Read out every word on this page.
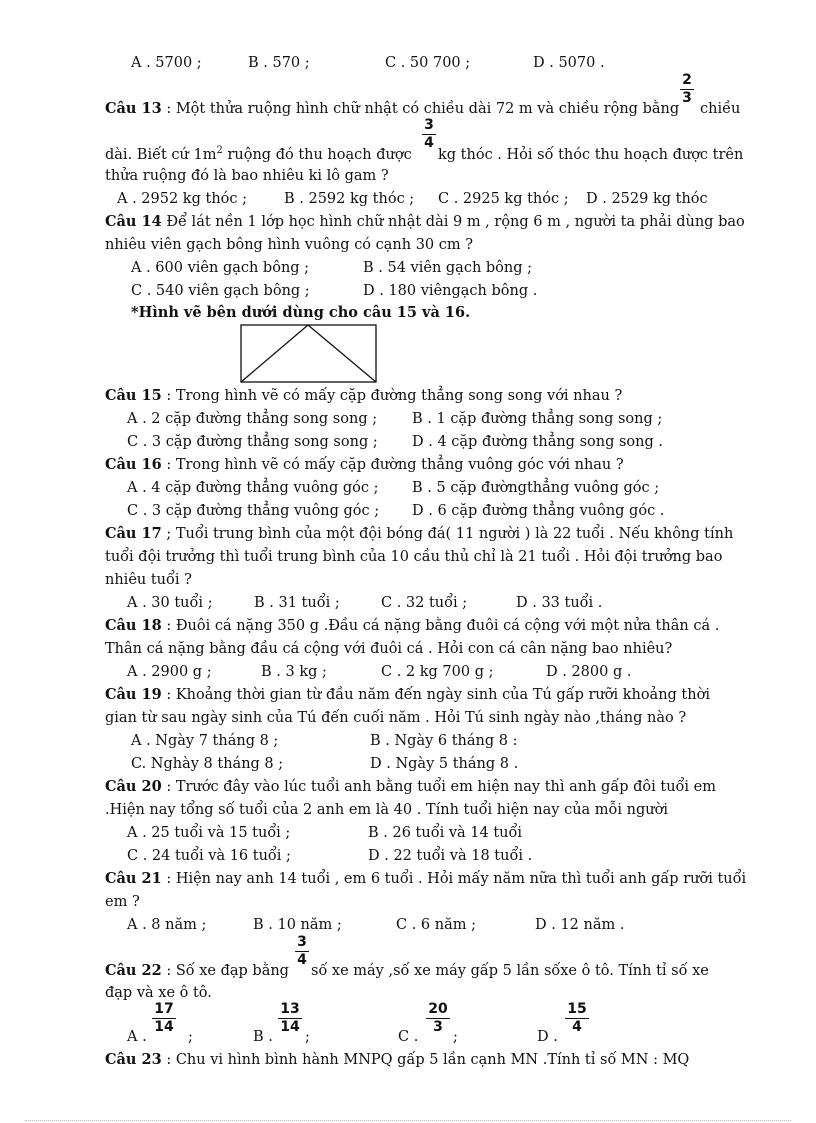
A . 5700 ;	B . 570 ;	C . 50 700 ;	D . 5070 .
Câu 13 : Một thửa ruộng hình chữ nhật có chiều dài 72 m và chiều rộng bằng
$\frac{2}{3}$
chiều
dài. Biết cứ $1m^2$ ruộng đó thu hoạch được
$\frac{3}{4}$
kg thóc . Hỏi số thóc thu hoạch được trên
thửa ruộng đó là bao nhiêu ki lô gam ?
A . 2952 kg thóc ;	B . 2592 kg thóc ; C . 2925 kg thóc ; D . 2529 kg thóc
Câu 14 Để lát nền 1 lớp học hình chữ nhật dài 9 m , rộng 6 m , người ta phải dùng bao
nhiêu viên gạch bông hình vuông có cạnh 30 cm ?
A . 600 viên gạch bông ;	B . 54 viên gạch bông ;
C . 540 viên gạch bông ;	D . 180 viêngạch bông .
*Hình vẽ bên dưới dùng cho câu 15 và 16.
Câu 15 : Trong hình vẽ có mấy cặp đường thẳng song song với nhau ?
A . 2 cặp đường thẳng song song ; B . 1 cặp đường thẳng song song ;
C . 3 cặp đường thẳng song song ; D . 4 cặp đường thẳng song song .
Câu 16 : Trong hình vẽ có mấy cặp đường thẳng vuông góc với nhau ?
A . 4 cặp đường thẳng vuông góc ; B . 5 cặp đườngthẳng vuông góc ;
C . 3 cặp đường thẳng vuông góc ; D . 6 cặp đường thẳng vuông góc .
Câu 17 ; Tuổi trung bình của một đội bóng đá( 11 người ) là 22 tuổi . Nếu không tính
tuổi đội trưởng thì tuổi trung bình của 10 cầu thủ chỉ là 21 tuổi . Hỏi đội trưởng bao
nhiêu tuổi ?
A . 30 tuổi ;	B . 31 tuổi ;	C . 32 tuổi ;	D . 33 tuổi .
Câu 18 : Đuôi cá nặng 350 g .Đầu cá nặng bằng đuôi cá cộng với một nửa thân cá .
Thân cá nặng bằng đầu cá cộng với đuôi cá . Hỏi con cá cân nặng bao nhiêu?
A . 2900 g ;	B . 3 kg ;	C . 2 kg 700 g ;	D . 2800 g .
Câu 19 : Khoảng thời gian từ đầu năm đến ngày sinh của Tú gấp rưỡi khoảng thời
gian từ sau ngày sinh của Tú đến cuối năm . Hỏi Tú sinh ngày nào ,tháng nào ?
A . Ngày 7 tháng 8 ;	B . Ngày 6 tháng 8 :
C. Nghày 8 tháng 8 ;	D . Ngày 5 tháng 8 .
Câu 20 : Trước đây vào lúc tuổi anh bằng tuổi em hiện nay thì anh gấp đôi tuổi em
.Hiện nay tổng số tuổi của 2 anh em là 40 . Tính tuổi hiện nay của mỗi người
A . 25 tuổi và 15 tuổi ;	B . 26 tuổi và 14 tuổi
C . 24 tuổi và 16 tuổi ;	D . 22 tuổi và 18 tuổi .
Câu 21 : Hiện nay anh 14 tuổi , em 6 tuổi . Hỏi mấy năm nữa thì tuổi anh gấp rưỡi tuổi
em ?
A . 8 năm ;	B . 10 năm ;	C . 6 năm ;	D . 12 năm .
Câu 22 : Số xe đạp bằng
$\frac{3}{4}$
số xe máy ,số xe máy gấp 5 lần sốxe ô tô. Tính tỉ số xe
đạp và xe ô tô.
A .
$\frac{17}{14}$
;	B .
$\frac{13}{14}$
;	C .
$\frac{20}{3}$
;	D .
$\frac{15}{4}$
Câu 23 : Chu vi hình bình hành MNPQ gấp 5 lần cạnh MN .Tính tỉ số MN : MQ
